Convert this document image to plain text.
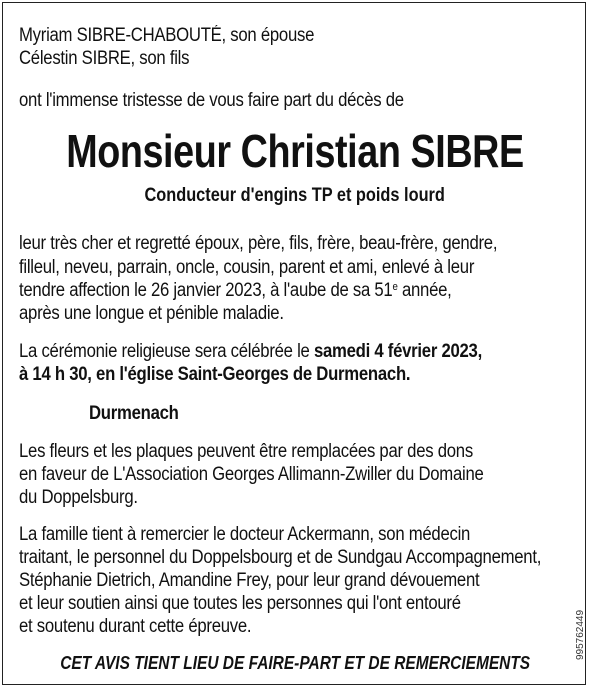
Myriam SIBRE-CHABOUTÉ, son épouse
Célestin SIBRE, son fils
ont l'immense tristesse de vous faire part du décès de
Monsieur Christian SIBRE
Conducteur d'engins TP et poids lourd
leur très cher et regretté époux, père, fils, frère, beau-frère, gendre,
filleul, neveu, parrain, oncle, cousin, parent et ami, enlevé à leur
tendre affection le 26 janvier 2023, à l'aube de sa 51e année,
après une longue et pénible maladie.
La cérémonie religieuse sera célébrée le samedi 4 février 2023,
à 14 h 30, en l'église Saint-Georges de Durmenach.
Durmenach
Les fleurs et les plaques peuvent être remplacées par des dons
en faveur de L'Association Georges Allimann-Zwiller du Domaine
du Doppelsburg.
La famille tient à remercier le docteur Ackermann, son médecin
traitant, le personnel du Doppelsbourg et de Sundgau Accompagnement,
Stéphanie Dietrich, Amandine Frey, pour leur grand dévouement
et leur soutien ainsi que toutes les personnes qui l'ont entouré
et soutenu durant cette épreuve.
CET AVIS TIENT LIEU DE FAIRE-PART ET DE REMERCIEMENTS
995762449
